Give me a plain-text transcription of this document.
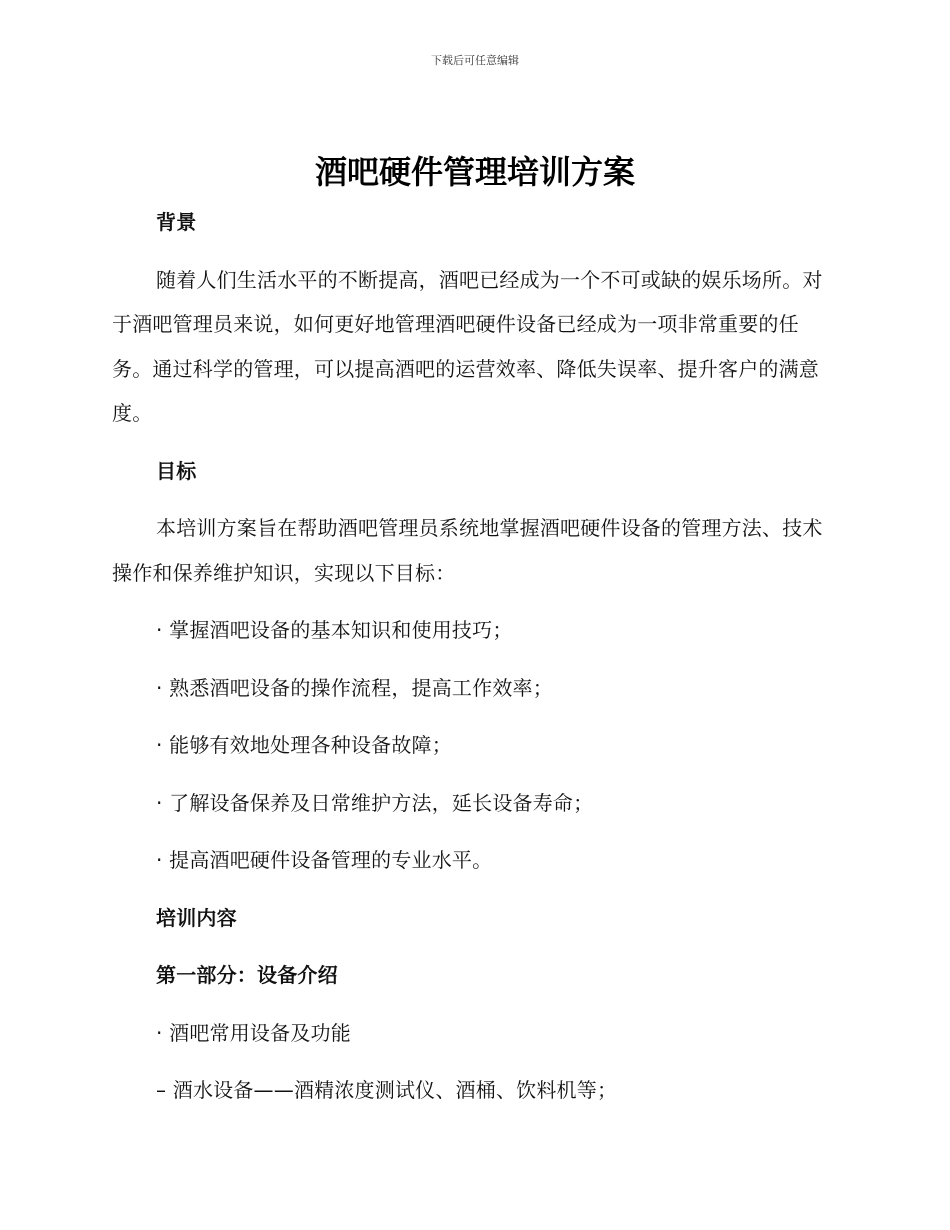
下载后可任意编辑
酒吧硬件管理培训方案

背景

随着人们生活水平的不断提高，酒吧已经成为一个不可或缺的娱乐场所。对于酒吧管理员来说，如何更好地管理酒吧硬件设备已经成为一项非常重要的任务。通过科学的管理，可以提高酒吧的运营效率、降低失误率、提升客户的满意度。

目标

本培训方案旨在帮助酒吧管理员系统地掌握酒吧硬件设备的管理方法、技术操作和保养维护知识，实现以下目标：

· 掌握酒吧设备的基本知识和使用技巧；

· 熟悉酒吧设备的操作流程，提高工作效率；

· 能够有效地处理各种设备故障；

· 了解设备保养及日常维护方法，延长设备寿命；

· 提高酒吧硬件设备管理的专业水平。

培训内容

第一部分：设备介绍

· 酒吧常用设备及功能

– 酒水设备——酒精浓度测试仪、酒桶、饮料机等；
